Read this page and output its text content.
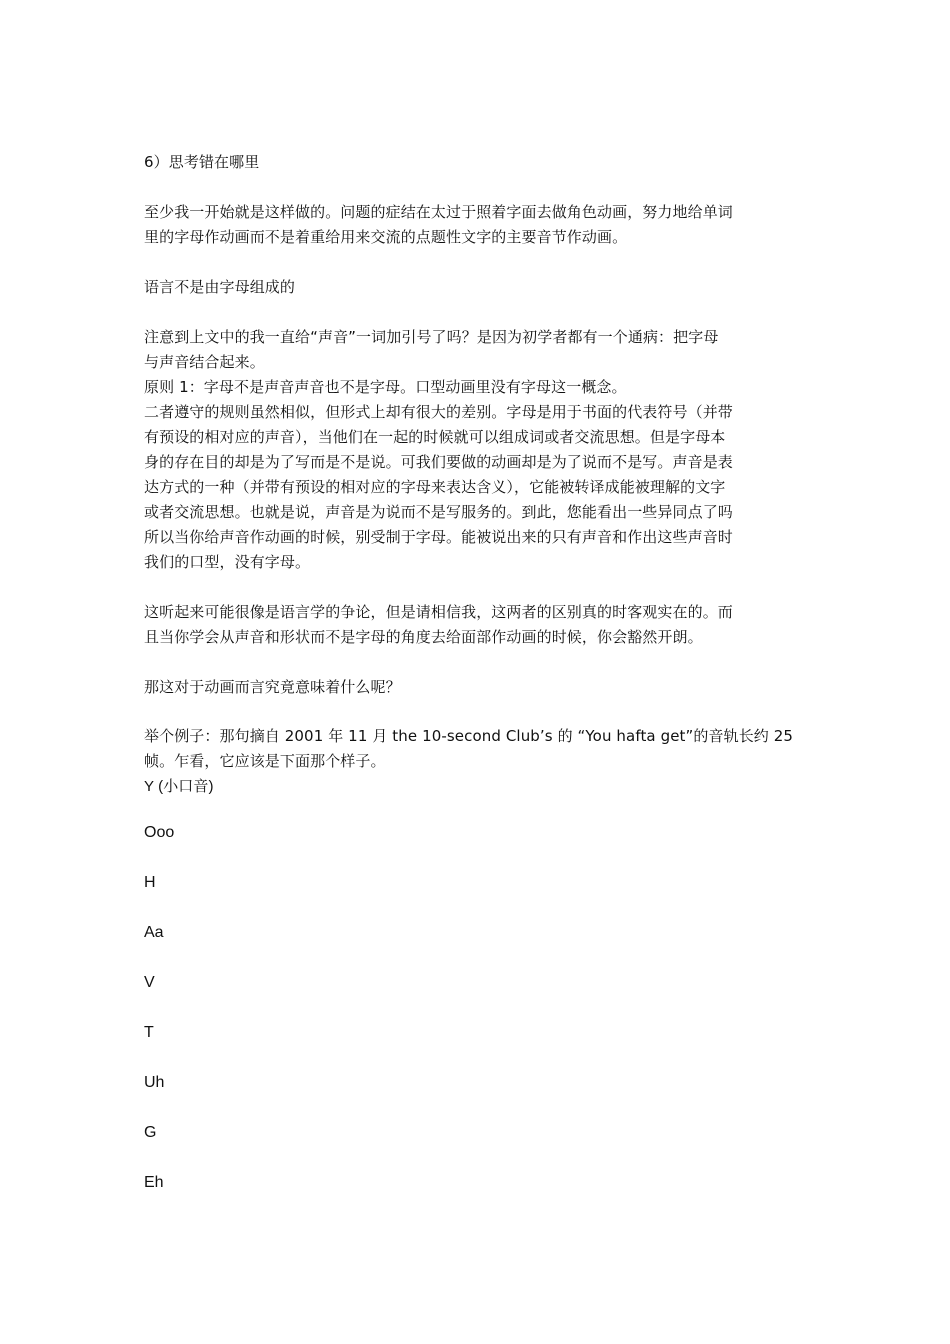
6）思考错在哪里
至少我一开始就是这样做的。问题的症结在太过于照着字面去做角色动画，努力地给单词
里的字母作动画而不是着重给用来交流的点题性文字的主要音节作动画。
语言不是由字母组成的
注意到上文中的我一直给“声音”一词加引号了吗？是因为初学者都有一个通病：把字母
与声音结合起来。
原则 1：字母不是声音声音也不是字母。口型动画里没有字母这一概念。
二者遵守的规则虽然相似，但形式上却有很大的差别。字母是用于书面的代表符号（并带
有预设的相对应的声音），当他们在一起的时候就可以组成词或者交流思想。但是字母本
身的存在目的却是为了写而是不是说。可我们要做的动画却是为了说而不是写。声音是表
达方式的一种（并带有预设的相对应的字母来表达含义），它能被转译成能被理解的文字
或者交流思想。也就是说，声音是为说而不是写服务的。到此，您能看出一些异同点了吗
所以当你给声音作动画的时候，别受制于字母。能被说出来的只有声音和作出这些声音时
我们的口型，没有字母。
这听起来可能很像是语言学的争论，但是请相信我，这两者的区别真的时客观实在的。而
且当你学会从声音和形状而不是字母的角度去给面部作动画的时候，你会豁然开朗。
那这对于动画而言究竟意味着什么呢？
举个例子：那句摘自 2001 年 11 月 the 10-second Club’s 的 “You hafta get”的音轨长约 25
帧。乍看，它应该是下面那个样子。
Y (小口音)
Ooo
H
Aa
V
T
Uh
G
Eh
